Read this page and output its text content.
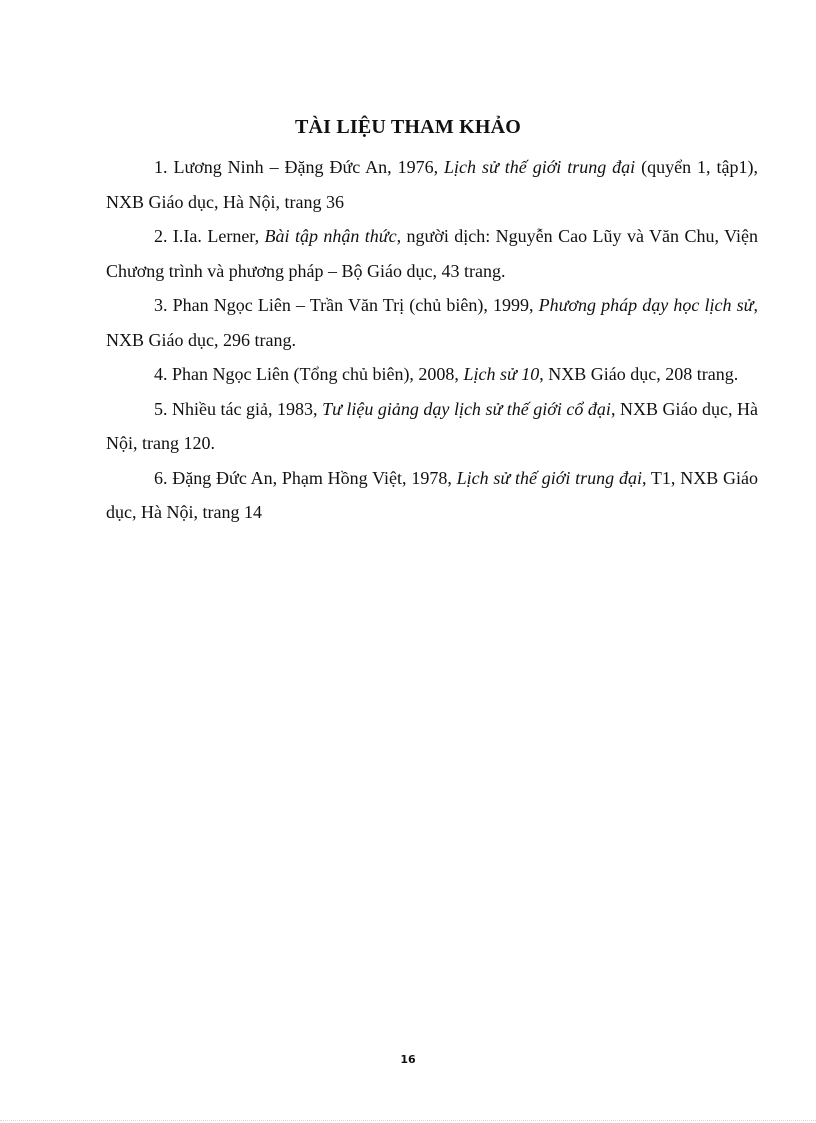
TÀI LIỆU THAM KHẢO

1. Lương Ninh – Đặng Đức An, 1976, Lịch sử thế giới trung đại (quyển 1, tập1), NXB Giáo dục, Hà Nội, trang 36

2. I.Ia. Lerner, Bài tập nhận thức, người dịch: Nguyễn Cao Lũy và Văn Chu, Viện Chương trình và phương pháp – Bộ Giáo dục, 43 trang.

3. Phan Ngọc Liên – Trần Văn Trị (chủ biên), 1999, Phương pháp dạy học lịch sử, NXB Giáo dục, 296 trang.

4. Phan Ngọc Liên (Tổng chủ biên), 2008, Lịch sử 10, NXB Giáo dục, 208 trang.

5. Nhiều tác giả, 1983, Tư liệu giảng dạy lịch sử thế giới cổ đại, NXB Giáo dục, Hà Nội, trang 120.

6. Đặng Đức An, Phạm Hồng Việt, 1978, Lịch sử thế giới trung đại, T1, NXB Giáo dục, Hà Nội, trang 14

16
